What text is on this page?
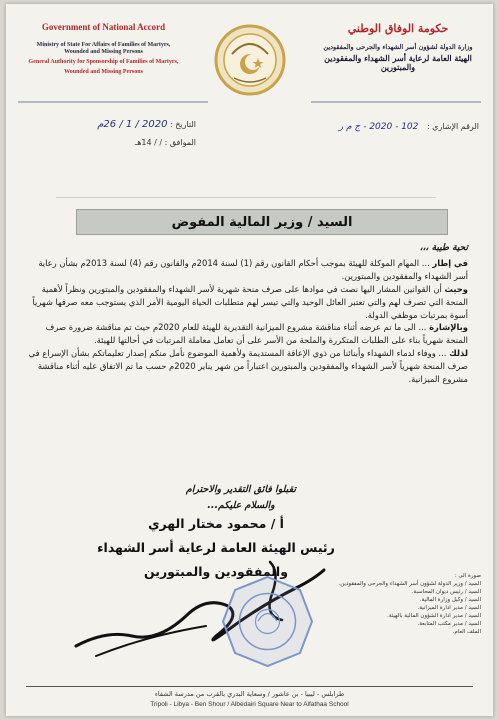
Government of National Accord
Ministry of State For Affairs of Families of Martyrs,
Wounded and Missing Persons
General Authority for Sponsorship of Families of Martyrs,
Wounded and Missing Persons
حكومة الوفاق الوطني
وزارة الدولة لشؤون أسر الشهداء والجرحى والمفقودين
الهيئة العامة لرعاية أسر الشهداء والمفقودين والمبتورين
الرقم الإشاري : 102 - 2020 - ج م ر
التاريخ : 2020 / 1 / 26م
الموافق : / / 14هـ
السيد / وزير المالية المفوض

تحية طيبة ،،،

في إطار ... المهام الموكلة للهيئة بموجب أحكام القانون رقم (1) لسنة 2014م والقانون رقم (4) لسنة 2013م بشأن رعاية أسر الشهداء والمفقودين والمبتورين.

وحيث أن القوانين المشار اليها نصت في موادها على صرف منحة شهرية لأسر الشهداء والمفقودين والمبتورين ونظراً لأهمية المنحة التي تصرف لهم والتي تعتبر العائل الوحيد والتي تيسر لهم متطلبات الحياة اليومية الأمر الذي يستوجب معه صرفها شهرياً أسوة بمرتبات موظفي الدولة.

وبالإشارة ... الى ما تم عرضه أثناء مناقشة مشروع الميزانية التقديرية للهيئة للعام 2020م حيث تم مناقشة ضرورة صرف المنحة شهرياً بناء على الطلبات المتكررة والملحة من الأسر على أن تعامل معاملة المرتبات في أحالتها للهيئة.

لذلك ... ووفاء لدماء الشهداء وأبنائنا من ذوي الإعاقة المستديمة ولأهمية الموضوع نأمل منكم إصدار تعليماتكم بشأن الإسراع في صرف المنحة شهرياً لأسر الشهداء والمفقودين والمبتورين اعتباراً من شهر يناير 2020م حسب ما تم الاتفاق عليه أثناء مناقشة مشروع الميزانية.

تقبلوا فائق التقدير والاحترام
والسلام عليكم...
أ / محمود مختار الهري
رئيس الهيئة العامة لرعاية أسر الشهداء
والمفقودين والمبتورين	صورة الى :
السيد / وزير الدولة لشؤون أسر الشهداء والجرحى والمفقودين.
السيد / رئيس ديوان المحاسبة.
السيد / وكيل وزارة المالية.
السيد / مدير ادارة الميزانية.
السيد / مدير ادارة الشؤون المالية بالهيئة.
السيد / مدير مكتب المتابعة.
الملف العام.
طرابلس - ليبيا - بن عاشور / وسعاية البدري بالقرب من مدرسة الشفاء
Tripoli - Libya - Ben Shour / Albedairi Square Near to Alfathaa School
